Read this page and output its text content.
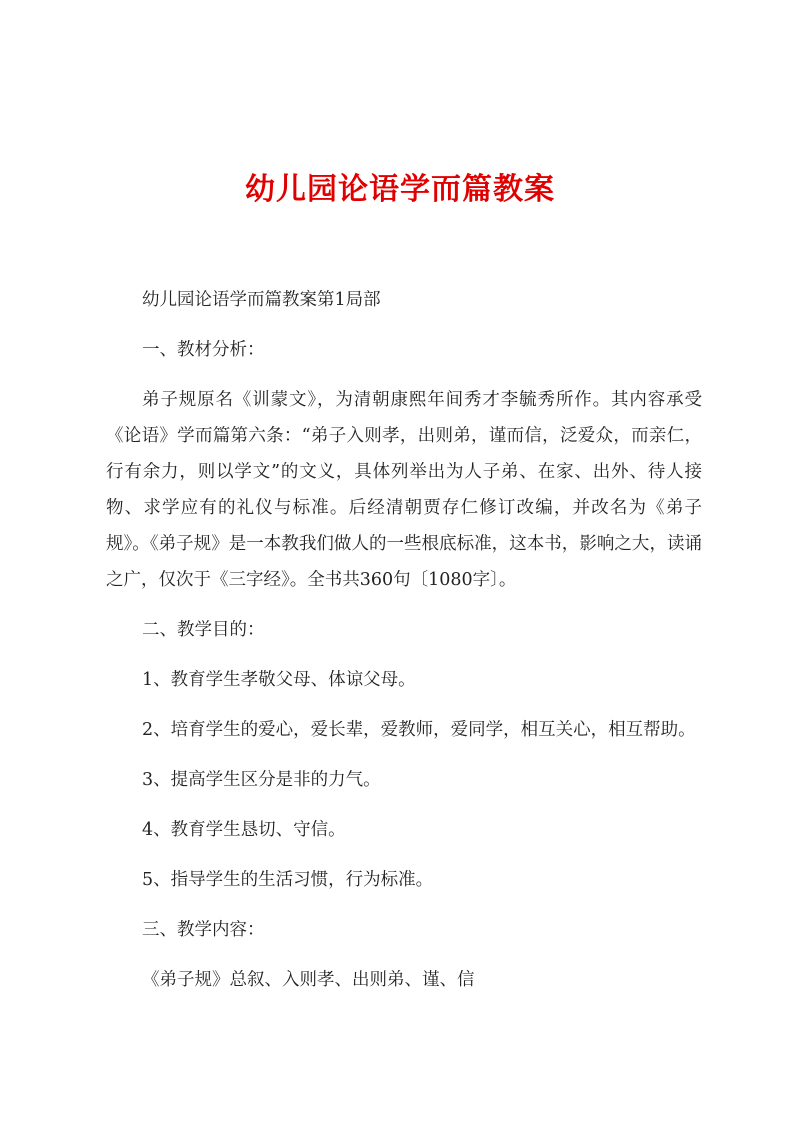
幼儿园论语学而篇教案

幼儿园论语学而篇教案第1局部

一、教材分析：

弟子规原名《训蒙文》，为清朝康熙年间秀才李毓秀所作。其内容承受《论语》学而篇第六条：“弟子入则孝，出则弟，谨而信，泛爱众，而亲仁，行有余力，则以学文”的文义，具体列举出为人子弟、在家、出外、待人接物、求学应有的礼仪与标准。后经清朝贾存仁修订改编，并改名为《弟子规》。《弟子规》是一本教我们做人的一些根底标准，这本书，影响之大，读诵之广，仅次于《三字经》。全书共360句〔1080字〕。

二、教学目的：

1、教育学生孝敬父母、体谅父母。

2、培育学生的爱心，爱长辈，爱教师，爱同学，相互关心，相互帮助。

3、提高学生区分是非的力气。

4、教育学生恳切、守信。

5、指导学生的生活习惯，行为标准。

三、教学内容：

《弟子规》总叙、入则孝、出则弟、谨、信
